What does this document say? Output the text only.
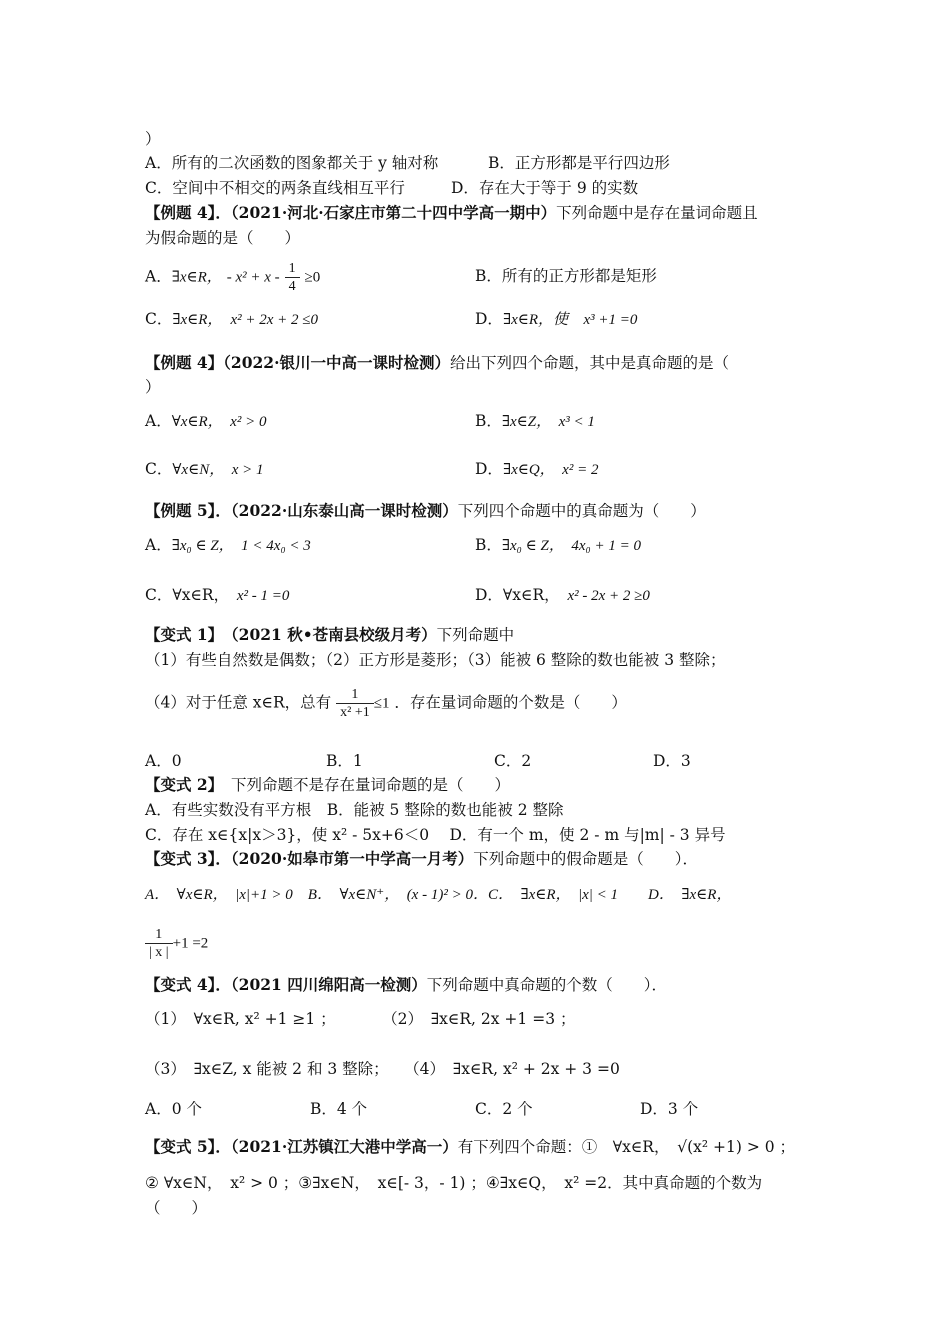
）
A．所有的二次函数的图象都关于 y 轴对称	B．正方形都是平行四边形
C．空间中不相交的两条直线相互平行	D．存在大于等于 9 的实数
【例题 4】．（2021·河北·石家庄市第二十四中学高一期中）下列命题中是存在量词命题且
为假命题的是（　　）
A．∃x∈R， - $x^2 + x - \frac{1}{4} \ge 0$	B．所有的正方形都是矩形
C．∃x∈R，　 x² + 2x + 2 ≤0	D．∃x∈R，使　 x³ +1 =0
【例题 4】（2022·银川一中高一课时检测）给出下列四个命题，其中是真命题的是（
）
A．∀x∈R，　x² > 0	B．∃x∈Z，　x³ < 1
C．∀x∈N，　x > 1	D．∃x∈Q，　x² = 2
【例题 5】．（2022·山东泰山高一课时检测）下列四个命题中的真命题为（　　）
A．∃x₀ ∈ Z，　1 < 4x₀ < 3	B．∃x₀ ∈ Z，　4x₀ + 1 = 0
C．∀x∈R，　 x² - 1 =0	D．∀x∈R，　 x² - 2x + 2 ≥0
【变式 1】　（2021 秋•苍南县校级月考）下列命题中
（1）有些自然数是偶数；（2）正方形是菱形；（3）能被 6 整除的数也能被 3 整除；
（4）对于任意 x∈R，总有 $\frac{1}{\text{x² +1}} \le 1$ ．存在量词命题的个数是（　　）
A．0	B．1	C．2	D．3
【变式 2】　 下列命题不是存在量词命题的是（　　）
A．有些实数没有平方根　B．能被 5 整除的数也能被 2 整除
C．存在 x∈{x|x＞3}，使 x² - 5x+6＜0　 D．有一个 m，使 2 - m 与|m| - 3 异号
【变式 3】．（2020·如皋市第一中学高一月考）下列命题中的假命题是（　　）．
A．　∀x∈R，　|x|+1 > 0　B．　∀x∈N⁺，　(x - 1)² > 0．C．　∃x∈R，　|x| < 1　　D．　∃x∈R，
$\frac{1}{| x |} +1 =2$
【变式 4】．（2021 四川绵阳高一检测）下列命题中真命题的个数（　　）．
（1）　∀x∈R, x² +1 ≥1 ；　　　　（2）　∃x∈R, 2x +1 =3 ；
（3）　∃x∈Z, x 能被 2 和 3 整除；　　（4）　∃x∈R, x² + 2x + 3 =0
A．0 个	B．4 个	C．2 个	D．3 个
【变式 5】．（2021·江苏镇江大港中学高一）有下列四个命题：①　∀x∈R，　√(x² +1) > 0 ；
② ∀x∈N，　x² > 0 ；③∃x∈N，　x∈[- 3，- 1) ；④∃x∈Q，　x² =2．其中真命题的个数为
（　　）
